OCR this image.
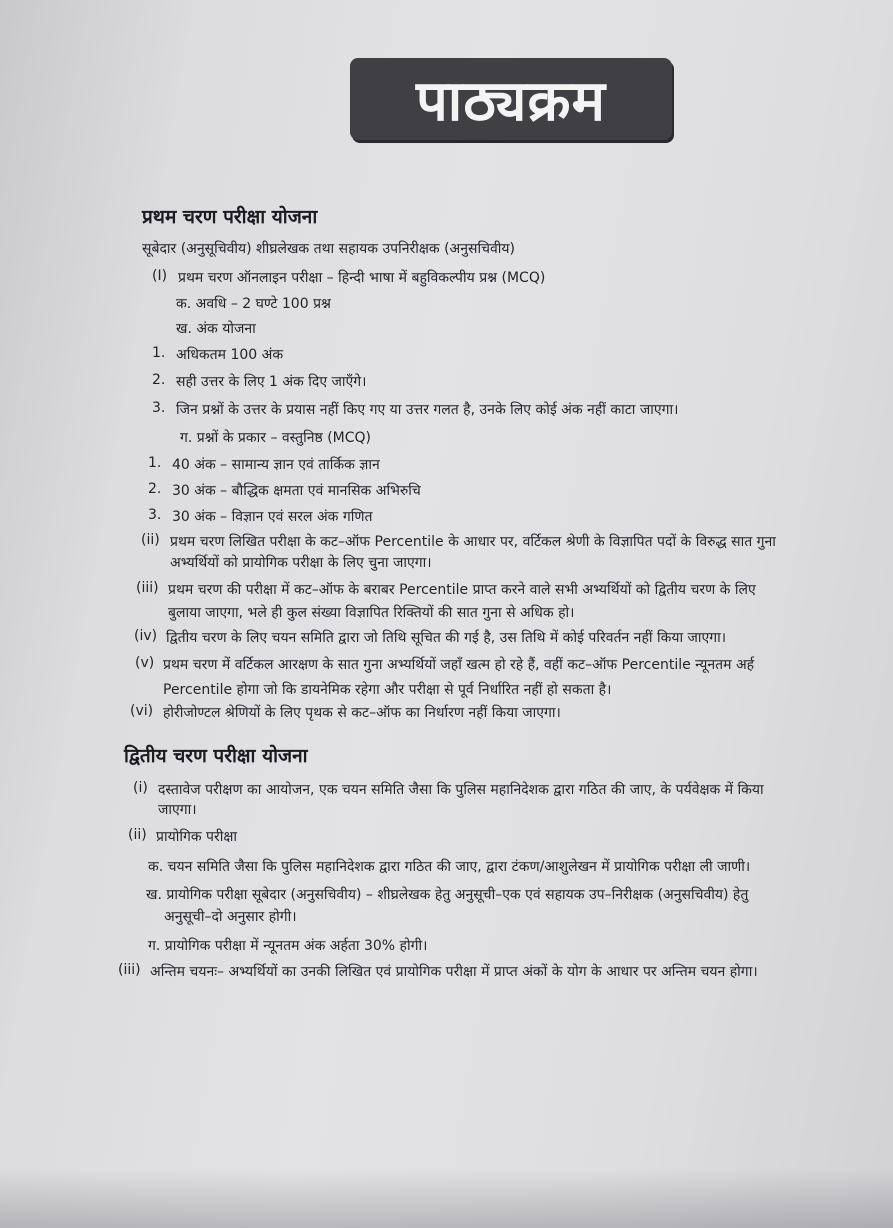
पाठ्यक्रम
प्रथम चरण परीक्षा योजना
सूबेदार (अनुसूचिवीय) शीघ्रलेखक तथा सहायक उपनिरीक्षक (अनुसचिवीय)
(I) प्रथम चरण ऑनलाइन परीक्षा – हिन्दी भाषा में बहुविकल्पीय प्रश्न (MCQ)
क. अवधि – 2 घण्टे 100 प्रश्न
ख. अंक योजना
1. अधिकतम 100 अंक
2. सही उत्तर के लिए 1 अंक दिए जाएँगे।
3. जिन प्रश्नों के उत्तर के प्रयास नहीं किए गए या उत्तर गलत है, उनके लिए कोई अंक नहीं काटा जाएगा।
ग. प्रश्नों के प्रकार – वस्तुनिष्ठ (MCQ)
1. 40 अंक – सामान्य ज्ञान एवं तार्किक ज्ञान
2. 30 अंक – बौद्धिक क्षमता एवं मानसिक अभिरुचि
3. 30 अंक – विज्ञान एवं सरल अंक गणित
(ii) प्रथम चरण लिखित परीक्षा के कट–ऑफ Percentile के आधार पर, वर्टिकल श्रेणी के विज्ञापित पदों के विरुद्ध सात गुना
अभ्यर्थियों को प्रायोगिक परीक्षा के लिए चुना जाएगा।
(iii) प्रथम चरण की परीक्षा में कट–ऑफ के बराबर Percentile प्राप्त करने वाले सभी अभ्यर्थियों को द्वितीय चरण के लिए
बुलाया जाएगा, भले ही कुल संख्या विज्ञापित रिक्तियों की सात गुना से अधिक हो।
(iv) द्वितीय चरण के लिए चयन समिति द्वारा जो तिथि सूचित की गई है, उस तिथि में कोई परिवर्तन नहीं किया जाएगा।
(v) प्रथम चरण में वर्टिकल आरक्षण के सात गुना अभ्यर्थियों जहाँ खत्म हो रहे हैं, वहीं कट–ऑफ Percentile न्यूनतम अर्ह
Percentile होगा जो कि डायनेमिक रहेगा और परीक्षा से पूर्व निर्धारित नहीं हो सकता है।
(vi) होरीजोण्टल श्रेणियों के लिए पृथक से कट–ऑफ का निर्धारण नहीं किया जाएगा।
द्वितीय चरण परीक्षा योजना
(i) दस्तावेज परीक्षण का आयोजन, एक चयन समिति जैसा कि पुलिस महानिदेशक द्वारा गठित की जाए, के पर्यवेक्षक में किया
जाएगा।
(ii) प्रायोगिक परीक्षा
क. चयन समिति जैसा कि पुलिस महानिदेशक द्वारा गठित की जाए, द्वारा टंकण/आशुलेखन में प्रायोगिक परीक्षा ली जाणी।
ख. प्रायोगिक परीक्षा सूबेदार (अनुसचिवीय) – शीघ्रलेखक हेतु अनुसूची–एक एवं सहायक उप–निरीक्षक (अनुसचिवीय) हेतु
अनुसूची–दो अनुसार होगी।
ग. प्रायोगिक परीक्षा में न्यूनतम अंक अर्हता 30% होगी।
(iii) अन्तिम चयनः– अभ्यर्थियों का उनकी लिखित एवं प्रायोगिक परीक्षा में प्राप्त अंकों के योग के आधार पर अन्तिम चयन होगा।
